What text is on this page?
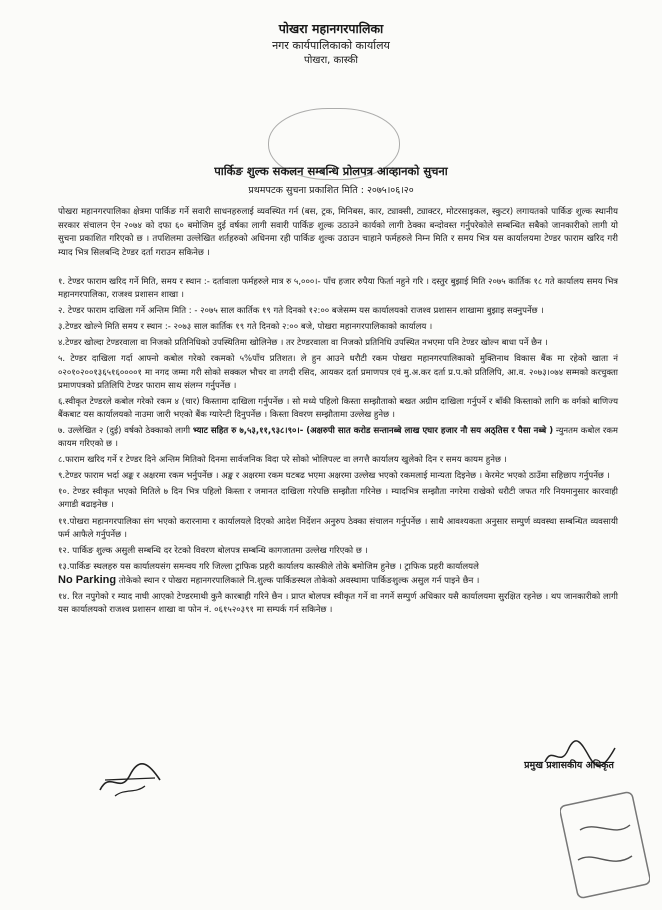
पोखरा महानगरपालिका
नगर कार्यपालिकाको कार्यालय
पोखरा, कास्की
पार्किङ शुल्क सकलन सम्बन्धि प्रोलपत्र आव्हानको सुचना
प्रथमपटक सुचना प्रकाशित मिति : २०७५।०६।२०

पोखरा महानगरपालिका क्षेत्रमा पार्किङ गर्ने सवारी साधनहरुलाई व्यवस्थित गर्न (बस, ट्रक, मिनिबस, कार, ट्याक्सी, ट्याक्टर, मोटरसाइकल, स्कुटर) लगायतको पार्किङ शुल्क स्थानीय सरकार संचालन ऐन २०७४ को दफा ६० बमोजिम दुई वर्षका लागी सवारी पार्किङ शुल्क उठाउने कार्यको लागी ठेक्का बन्दोवस्त गर्नुपरेकोले सम्बन्धित सबैको जानकारीको लागी यो सुचना प्रकाशित गरिएको छ । तपशिलमा उल्लेखित शर्तहरुको अधिनमा रही पार्किङ शुल्क उठाउन चाहाने फर्महरुले निम्न मिति र समय भित्र यस कार्यालयमा टेण्डर फाराम खरिद गरी म्याद भित्र सिलबन्दि टेण्डर दर्ता गराउन सकिनेछ ।

१. टेण्डर फाराम खरिद गर्ने मिति, समय र स्थान :- दर्तावाला फर्महरुले मात्र रु ५,०००।- पाँच हजार रुपैया फिर्ता नहुने गरि । दस्तुर बुझाई मिति २०७५ कार्तिक १८ गते कार्यालय समय भित्र महानगरपालिका, राजश्व प्रशासन शाखा ।
२. टेण्डर फाराम दाखिला गर्ने अन्तिम मिति : - २०७५ साल कार्तिक १९ गते दिनको १२:०० बजेसम्म यस कार्यालयको राजश्व प्रशासन शाखामा बुझाइ सक्नुपर्नेछ ।
३.टेण्डर खोल्ने मिति समय र स्थान :- २०७३ साल कार्तिक १९ गते दिनको २:०० बजे, पोखरा महानगरपालिकाको कार्यालय ।
४.टेण्डर खोल्दा टेण्डरवाला वा निजको प्रतिनिधिको उपस्थितिमा खोलिनेछ । तर टेण्डरवाला वा निजको प्रतिनिधि उपस्थित नभएमा पनि टेण्डर खोल्न बाधा पर्ने छैन ।
५. टेण्डर दाखिला गर्दा आफ्नो कबोल गरेको रकमको ५%पाँच प्रतिशत। ले हुन आउने धरौटी रकम पोखरा महानगरपालिकाको मुक्तिनाथ विकास बैंक मा रहेको खाता नं ०२०१०२००१३६५१६००००१ मा नगद जम्मा गरी सोको सक्कल भौचर वा तगदी रसिद, आयकर दर्ता प्रमाणपत्र एवं मु.अ.कर दर्ता प्र.प.को प्रतिलिपि, आ.व. २०७३।०७४ सम्मको करचुक्ता प्रमाणपत्रको प्रतिलिपि टेण्डर फाराम साथ संलग्न गर्नुपर्नेछ ।
६.स्वीकृत टेण्डरले कबोल गरेको रकम ४ (चार) किस्तामा दाखिला गर्नुपर्नेछ । सो मध्ये पहिलो किस्ता सम्झौताको बखत अग्रीम दाखिला गर्नुपर्ने र बाँकी किस्ताको लागि क वर्गको बाणिज्य बैंकबाट यस कार्यालयको नाउमा जारी भएको बैंक ग्यारेन्टी दिनुपर्नेछ । किस्ता विवरण सम्झौतामा उल्लेख हुनेछ ।
७. उल्लेखित २ (दुई) वर्षको ठेक्काको लागी भ्याट सहित रु ७,५३,११,९३८।९०।- (अक्षरुपी सात करोड सन्तानब्बे लाख एघार हजार नौ सय अठ्तिस र पैसा नब्बे ) न्युनतम कबोल रकम कायम गरिएको छ ।
८.फाराम खरिद गर्ने र टेण्डर दिने अन्तिम मितिको दिनमा सार्वजनिक विदा परे सोको भोलिपल्ट वा लगत्तै कार्यालय खुलेको दिन र समय कायम हुनेछ ।
९.टेण्डर फाराम भर्दा अङ्क र अक्षरमा रकम भर्नुपर्नेछ । अङ्क र अक्षरमा रकम घटबढ भएमा अक्षरमा उल्लेख भएको रकमलाई मान्यता दिइनेछ । केरमेट भएको ठाउँमा सहिछाप गर्नुपर्नेछ ।
१०. टेण्डर स्वीकृत भएको मितिले ७ दिन भित्र पहिलो किस्ता र जमानत दाखिला गरेपछि सम्झौता गरिनेछ । म्यादभित्र सम्झौता नगरेमा राखेको धरौटी जफत गरि नियमानुसार कारवाही अगाडी बढाइनेछ ।
११.पोखरा महानगरपालिका संग भएको करारनामा र कार्यालयले दिएको आदेश निर्देशन अनुरुप ठेक्का संचालन गर्नुपर्नेछ । साथै आवश्यकता अनुसार सम्पुर्ण व्यवस्था सम्बन्धित व्यवसायी फर्म आफैले गर्नुपर्नेछ ।
१२. पार्किङ शुल्क असुली सम्बन्धि दर रेटको विवरण बोलपत्र सम्बन्धि कागजातमा उल्लेख गरिएको छ ।
१३.पार्किङ स्थलहरु यस कार्यालयसंग समन्वय गरि जिल्ला ट्राफिक प्रहरी कार्यालय कास्कीले तोके बमोजिम हुनेछ । ट्राफिक प्रहरी कार्यालयले
No Parking तोकेको स्थान र पोखरा महानगरपालिकाले नि.शुल्क पार्किङस्थल तोकेको अवस्थामा पार्किङशुल्क असुल गर्न पाइने छैन ।
१४. रित नपुगेको र म्याद नाघी आएको टेण्डरमाथी कुनै कारबाही गरिने छैन । प्राप्त बोलपत्र स्वीकृत गर्ने वा नगर्ने सम्पुर्ण अधिकार यसै कार्यालयमा सुरक्षित रहनेछ । थप जानकारीको लागी यस कार्यालयको राजश्व प्रशासन शाखा वा फोन नं. ०६१५२०३९१ मा सम्पर्क गर्न सकिनेछ ।
प्रमुख प्रशासकीय अधिकृत
